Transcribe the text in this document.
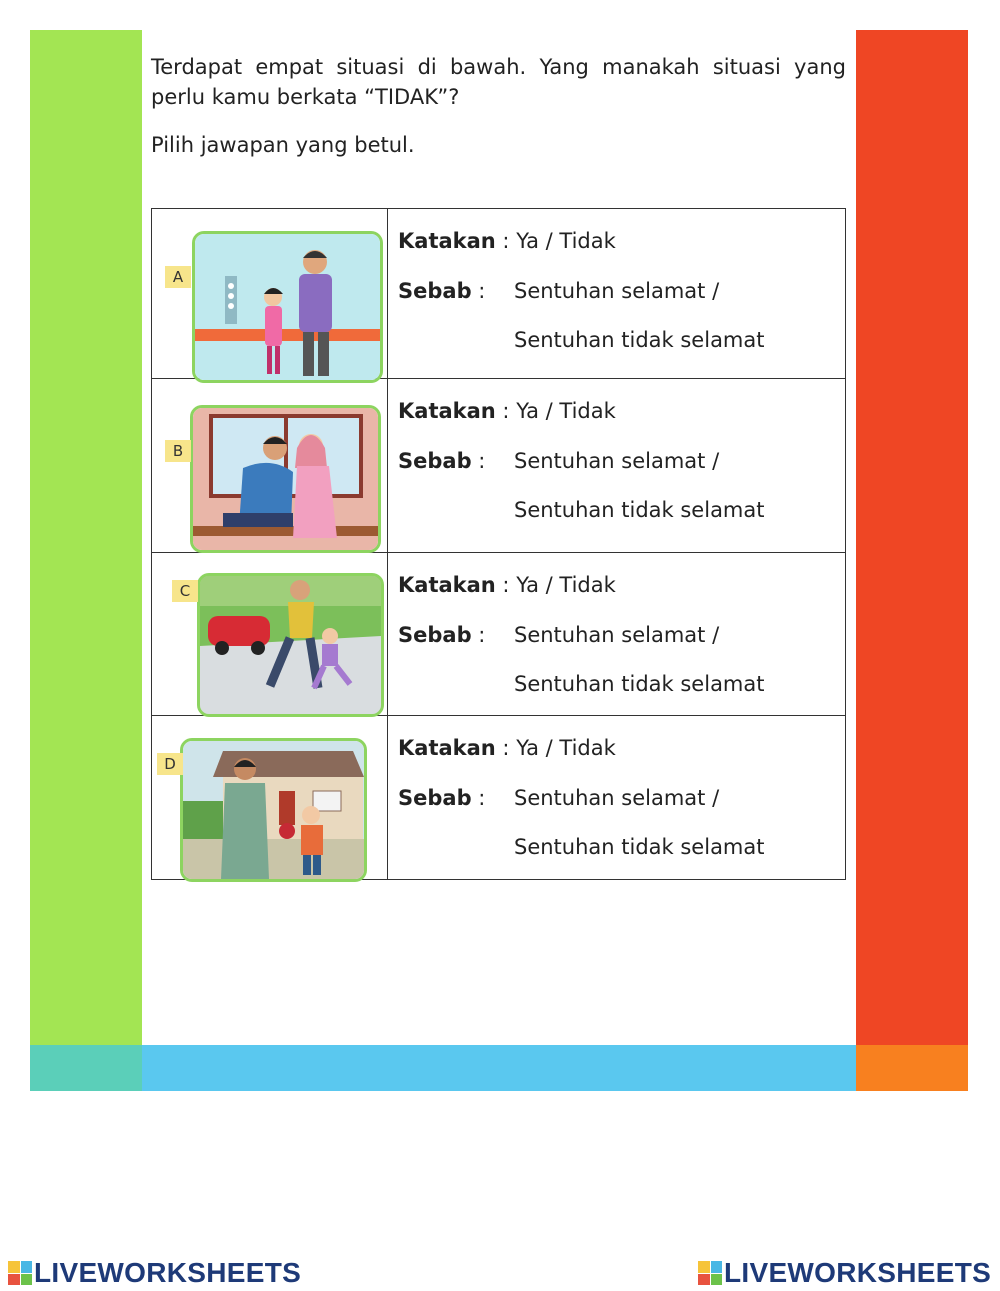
Terdapat empat situasi di bawah. Yang manakah situasi yang perlu kamu berkata “TIDAK”?

Pilih jawapan yang betul.

A	Katakan : Ya / Tidak
Sebab : Sentuhan selamat /
Sentuhan tidak selamat

B	Katakan : Ya / Tidak
Sebab : Sentuhan selamat /
Sentuhan tidak selamat

C	Katakan : Ya / Tidak
Sebab : Sentuhan selamat /
Sentuhan tidak selamat

D	Katakan : Ya / Tidak
Sebab : Sentuhan selamat /
Sentuhan tidak selamat
LIVEWORKSHEETS	LIVEWORKSHEETS
